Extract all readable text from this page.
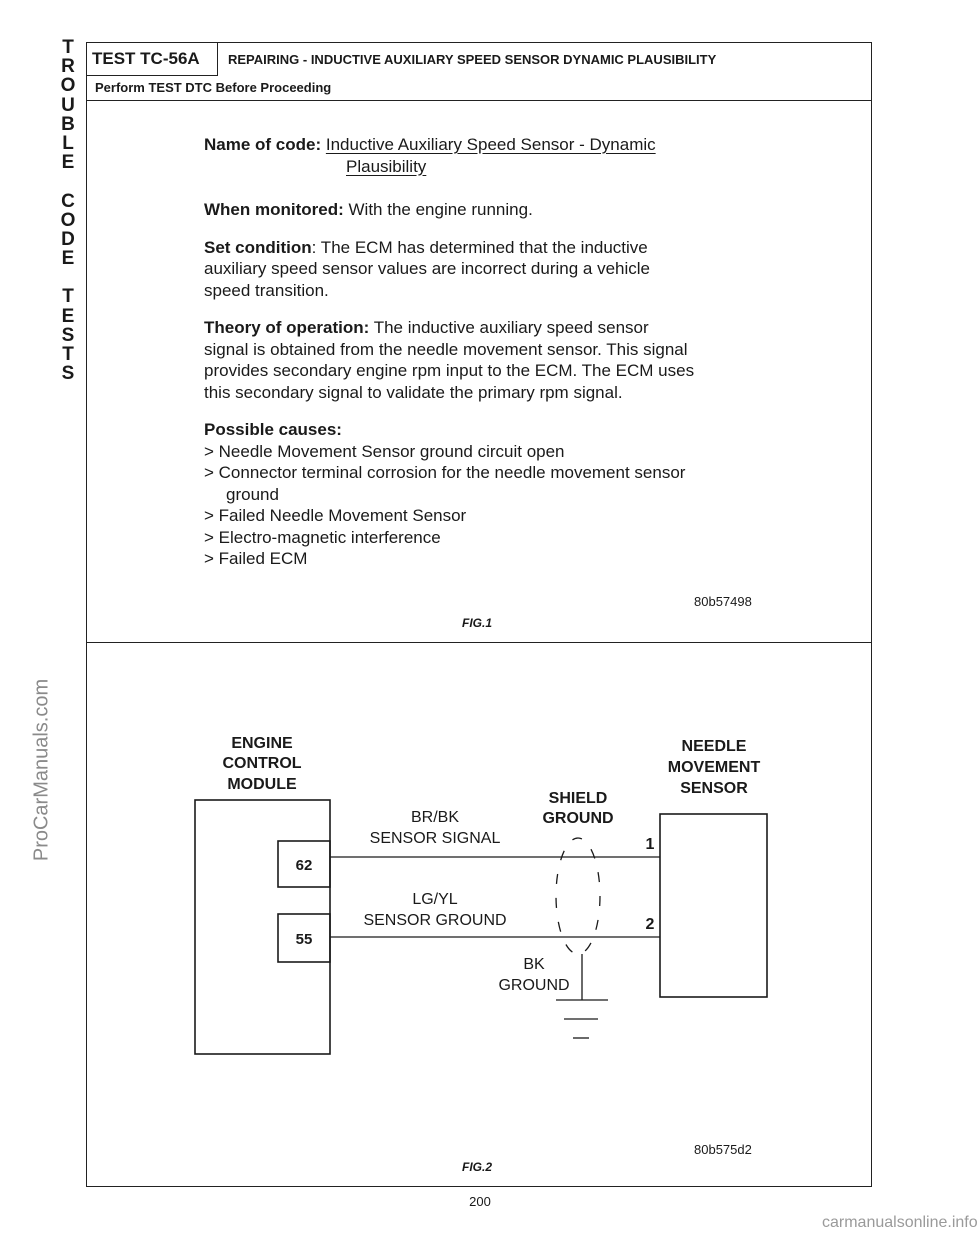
T
R
O
U
B
L
E
C
O
D
E
T
E
S
T
S
ProCarManuals.com
TEST TC-56A	REPAIRING - INDUCTIVE AUXILIARY SPEED SENSOR DYNAMIC PLAUSIBILITY
Perform TEST DTC Before Proceeding

Name of code: Inductive Auxiliary Speed Sensor - Dynamic

Plausibility

When monitored: With the engine running.

Set condition: The ECM has determined that the inductive

auxiliary speed sensor values are incorrect during a vehicle

speed transition.

Theory of operation: The inductive auxiliary speed sensor

signal is obtained from the needle movement sensor. This signal

provides secondary engine rpm input to the ECM. The ECM uses

this secondary signal to validate the primary rpm signal.

Possible causes:

> Needle Movement Sensor ground circuit open

> Connector terminal corrosion for the needle movement sensor ground

> Failed Needle Movement Sensor

> Electro-magnetic interference

> Failed ECM

80b57498
FIG.1
ENGINE
CONTROL
MODULE
62
55
BR/BK
SENSOR SIGNAL
LG/YL
SENSOR GROUND
SHIELD
GROUND
BK
GROUND
NEEDLE
MOVEMENT
SENSOR
1
2
80b575d2
FIG.2
200
carmanualsonline.info
